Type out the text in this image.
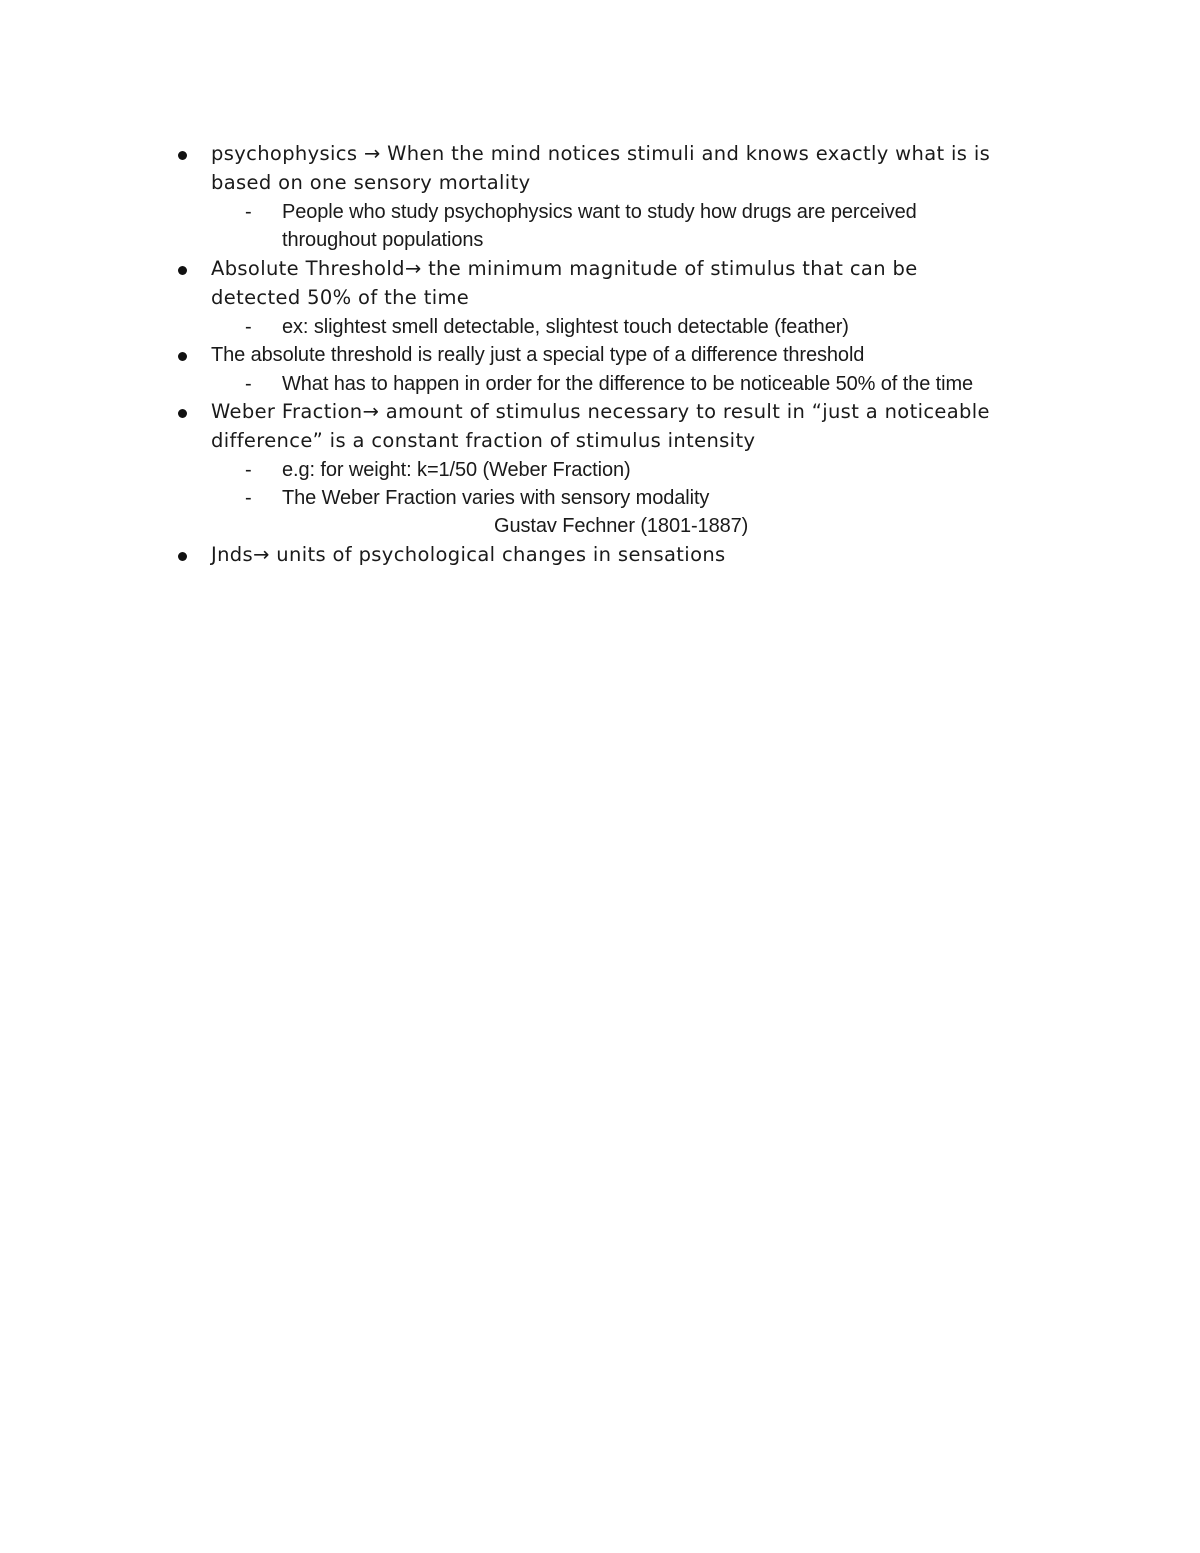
psychophysics → When the mind notices stimuli and knows exactly what is is
based on one sensory mortality
- People who study psychophysics want to study how drugs are perceived
throughout populations
Absolute Threshold→ the minimum magnitude of stimulus that can be
detected 50% of the time
- ex: slightest smell detectable, slightest touch detectable (feather)
The absolute threshold is really just a special type of a difference threshold
- What has to happen in order for the difference to be noticeable 50% of the time
Weber Fraction→ amount of stimulus necessary to result in “just a noticeable
difference” is a constant fraction of stimulus intensity
- e.g: for weight: k=1/50 (Weber Fraction)
- The Weber Fraction varies with sensory modality
Gustav Fechner (1801-1887)
Jnds→ units of psychological changes in sensations
